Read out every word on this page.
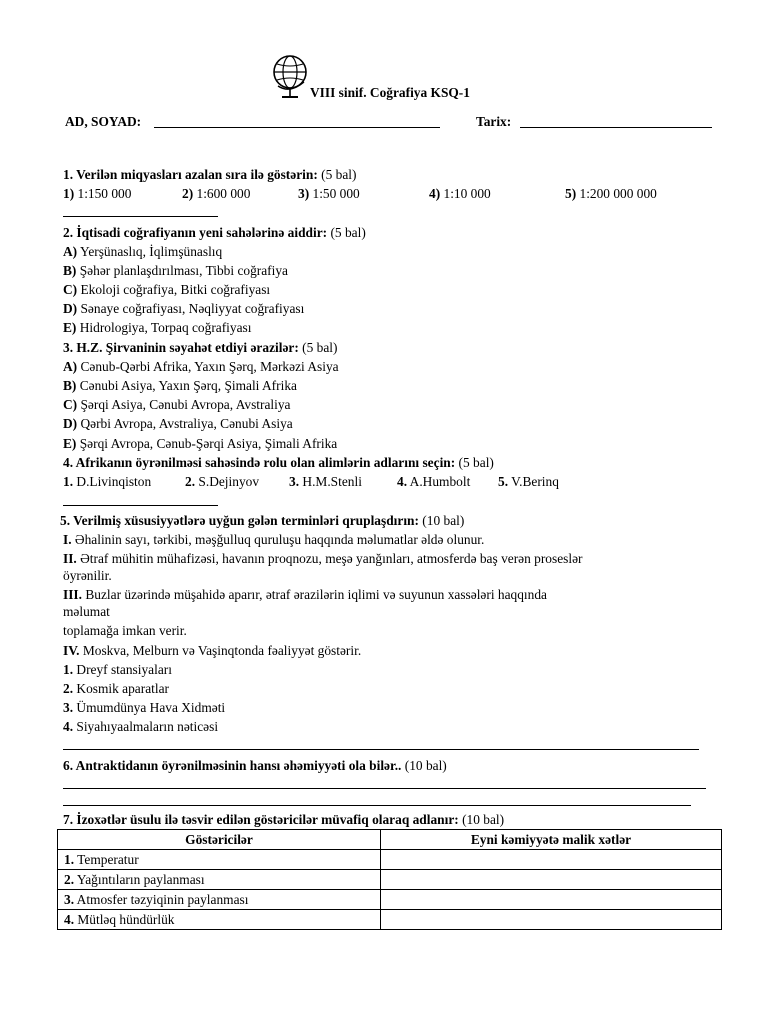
VIII sinif. Coğrafiya KSQ-1
AD, SOYAD:	Tarix:
1. Verilən miqyasları azalan sıra ilə göstərin: (5 bal)
1) 1:150 000	2) 1:600 000	3) 1:50 000	4) 1:10 000	5) 1:200 000 000
2. İqtisadi coğrafiyanın yeni sahələrinə aiddir: (5 bal)
A) Yerşünaslıq, İqlimşünaslıq
B) Şəhər planlaşdırılması, Tibbi coğrafiya
C) Ekoloji coğrafiya, Bitki coğrafiyası
D) Sənaye coğrafiyası, Nəqliyyat coğrafiyası
E) Hidrologiya, Torpaq coğrafiyası
3. H.Z. Şirvaninin səyahət etdiyi ərazilər: (5 bal)
A) Cənub-Qərbi Afrika, Yaxın Şərq, Mərkəzi Asiya
B) Cənubi Asiya, Yaxın Şərq, Şimali Afrika
C) Şərqi Asiya, Cənubi Avropa, Avstraliya
D) Qərbi Avropa, Avstraliya, Cənubi Asiya
E) Şərqi Avropa, Cənub-Şərqi Asiya, Şimali Afrika
4. Afrikanın öyrənilməsi sahəsində rolu olan alimlərin adlarını seçin: (5 bal)
1. D.Livinqiston	2. S.Dejinyov 3. H.M.Stenli	4. A.Humbolt 5. V.Berinq
5. Verilmiş xüsusiyyətlərə uyğun gələn terminləri qruplaşdırın: (10 bal)
I. Əhalinin sayı, tərkibi, məşğulluq quruluşu haqqında məlumatlar əldə olunur.
II. Ətraf mühitin mühafizəsi, havanın proqnozu, meşə yanğınları, atmosferdə baş verən proseslər
öyrənilir.
III. Buzlar üzərində müşahidə aparır, ətraf ərazilərin iqlimi və suyunun xassələri haqqında
məlumat
toplamağa imkan verir.
IV. Moskva, Melburn və Vaşinqtonda fəaliyyət göstərir.
1. Dreyf stansiyaları
2. Kosmik aparatlar
3. Ümumdünya Hava Xidməti
4. Siyahıyaalmaların nəticəsi
6. Antraktidanın öyrənilməsinin hansı əhəmiyyəti ola bilər.. (10 bal)
7. İzoxətlər üsulu ilə təsvir edilən göstəricilər müvafiq olaraq adlanır: (10 bal)
Göstəricilər	Eyni kəmiyyətə malik xətlər
1. Temperatur	
2. Yağıntıların paylanması	
3. Atmosfer təzyiqinin paylanması	
4. Mütləq hündürlük	
